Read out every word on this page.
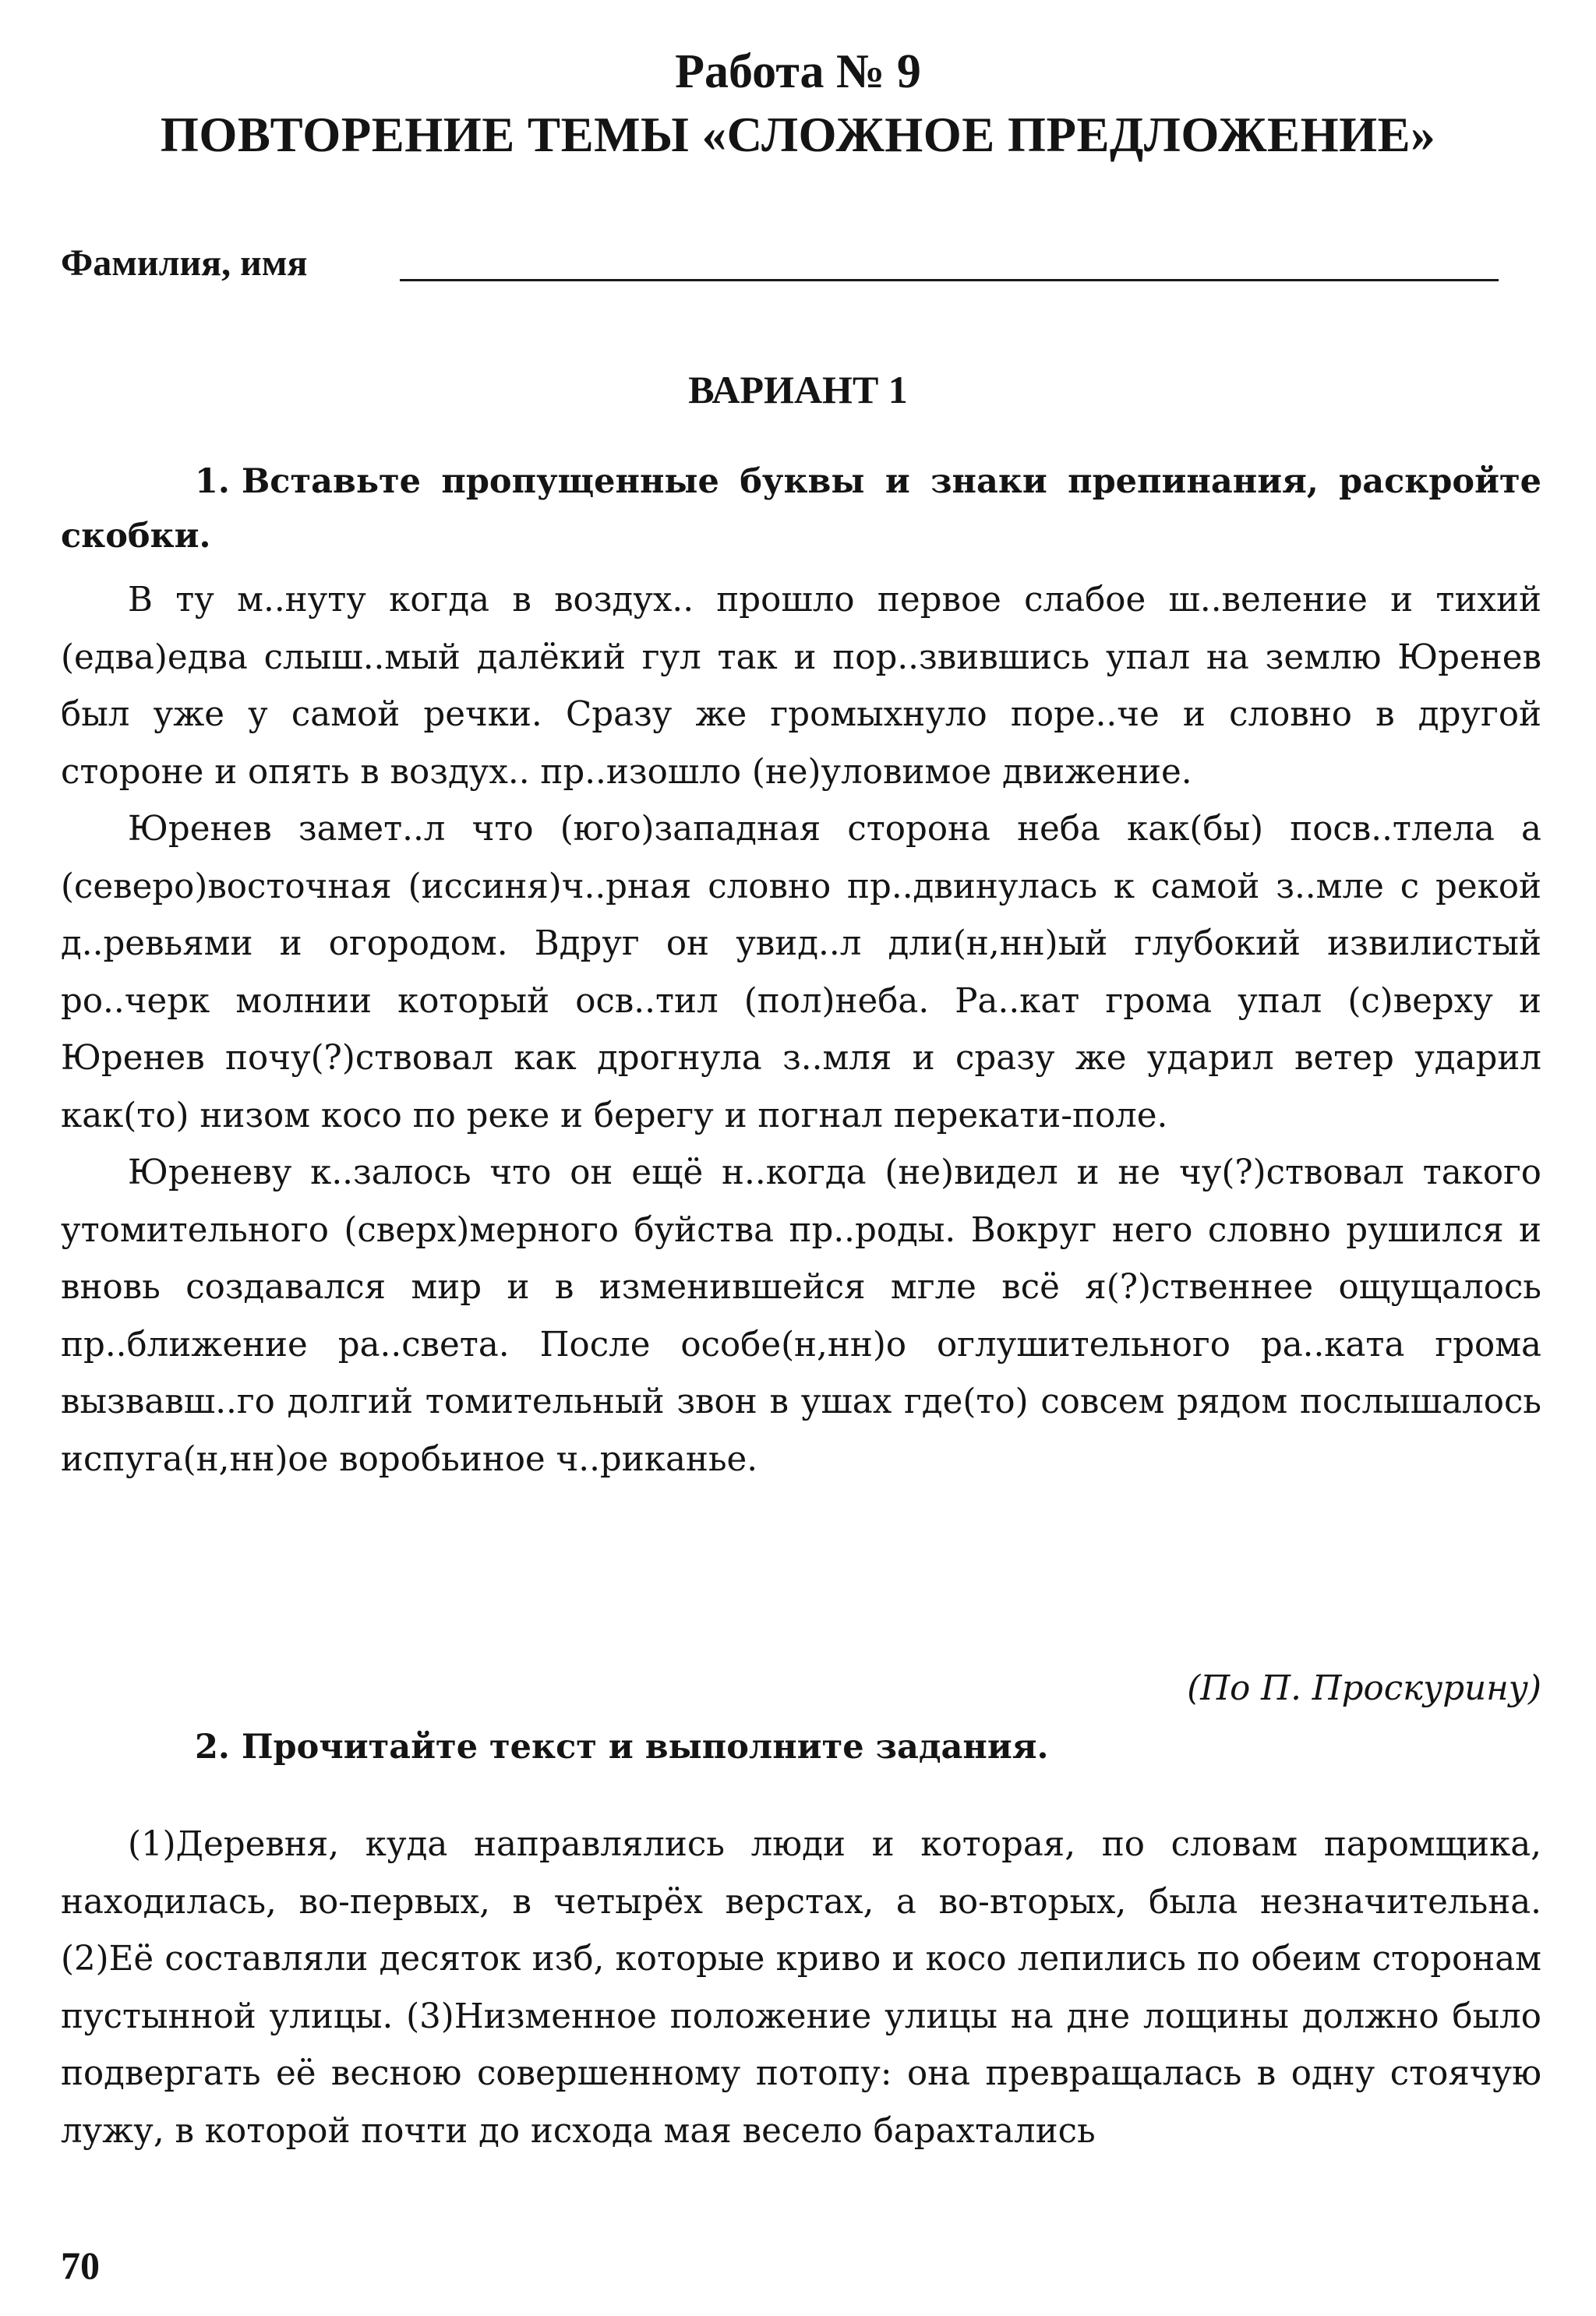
Работа № 9
ПОВТОРЕНИЕ ТЕМЫ «СЛОЖНОЕ ПРЕДЛОЖЕНИЕ»
Фамилия, имя
ВАРИАНТ 1
1. Вставьте пропущенные буквы и знаки препинания, раскройте скобки.

В ту м..нуту когда в воздух.. прошло первое слабое ш..веление и тихий (едва)едва слыш..мый далёкий гул так и пор..звившись упал на землю Юренев был уже у самой речки. Сразу же громыхнуло поре..че и словно в другой стороне и опять в воздух.. пр..изошло (не)уловимое движение.

Юренев замет..л что (юго)западная сторона неба как(бы) посв..тлела а (северо)восточная (иссиня)ч..рная словно пр..двинулась к самой з..мле с рекой д..ревьями и огородом. Вдруг он увид..л дли(н,нн)ый глубокий извилистый ро..черк молнии который осв..тил (пол)неба. Ра..кат грома упал (с)верху и Юренев почу(?)ствовал как дрогнула з..мля и сразу же ударил ветер ударил как(то) низом косо по реке и берегу и погнал перекати-поле.

Юреневу к..залось что он ещё н..когда (не)видел и не чу(?)ствовал такого утомительного (сверх)мерного буйства пр..роды. Вокруг него словно рушился и вновь создавался мир и в изменившейся мгле всё я(?)ственнее ощущалось пр..ближение ра..света. После особе(н,нн)о оглушительного ра..ката грома вызвавш..го долгий томительный звон в ушах где(то) совсем рядом послышалось испуга(н,нн)ое воробьиное ч..риканье.

(По П. Проскурину)
2. Прочитайте текст и выполните задания.

(1)Деревня, куда направлялись люди и которая, по словам паромщика, находилась, во-первых, в четырёх верстах, а во-вторых, была незначительна. (2)Её составляли десяток изб, которые криво и косо лепились по обеим сторонам пустынной улицы. (3)Низменное положение улицы на дне лощины должно было подвергать её весною совершенному потопу: она превращалась в одну стоячую лужу, в которой почти до исхода мая весело барахтались

70
